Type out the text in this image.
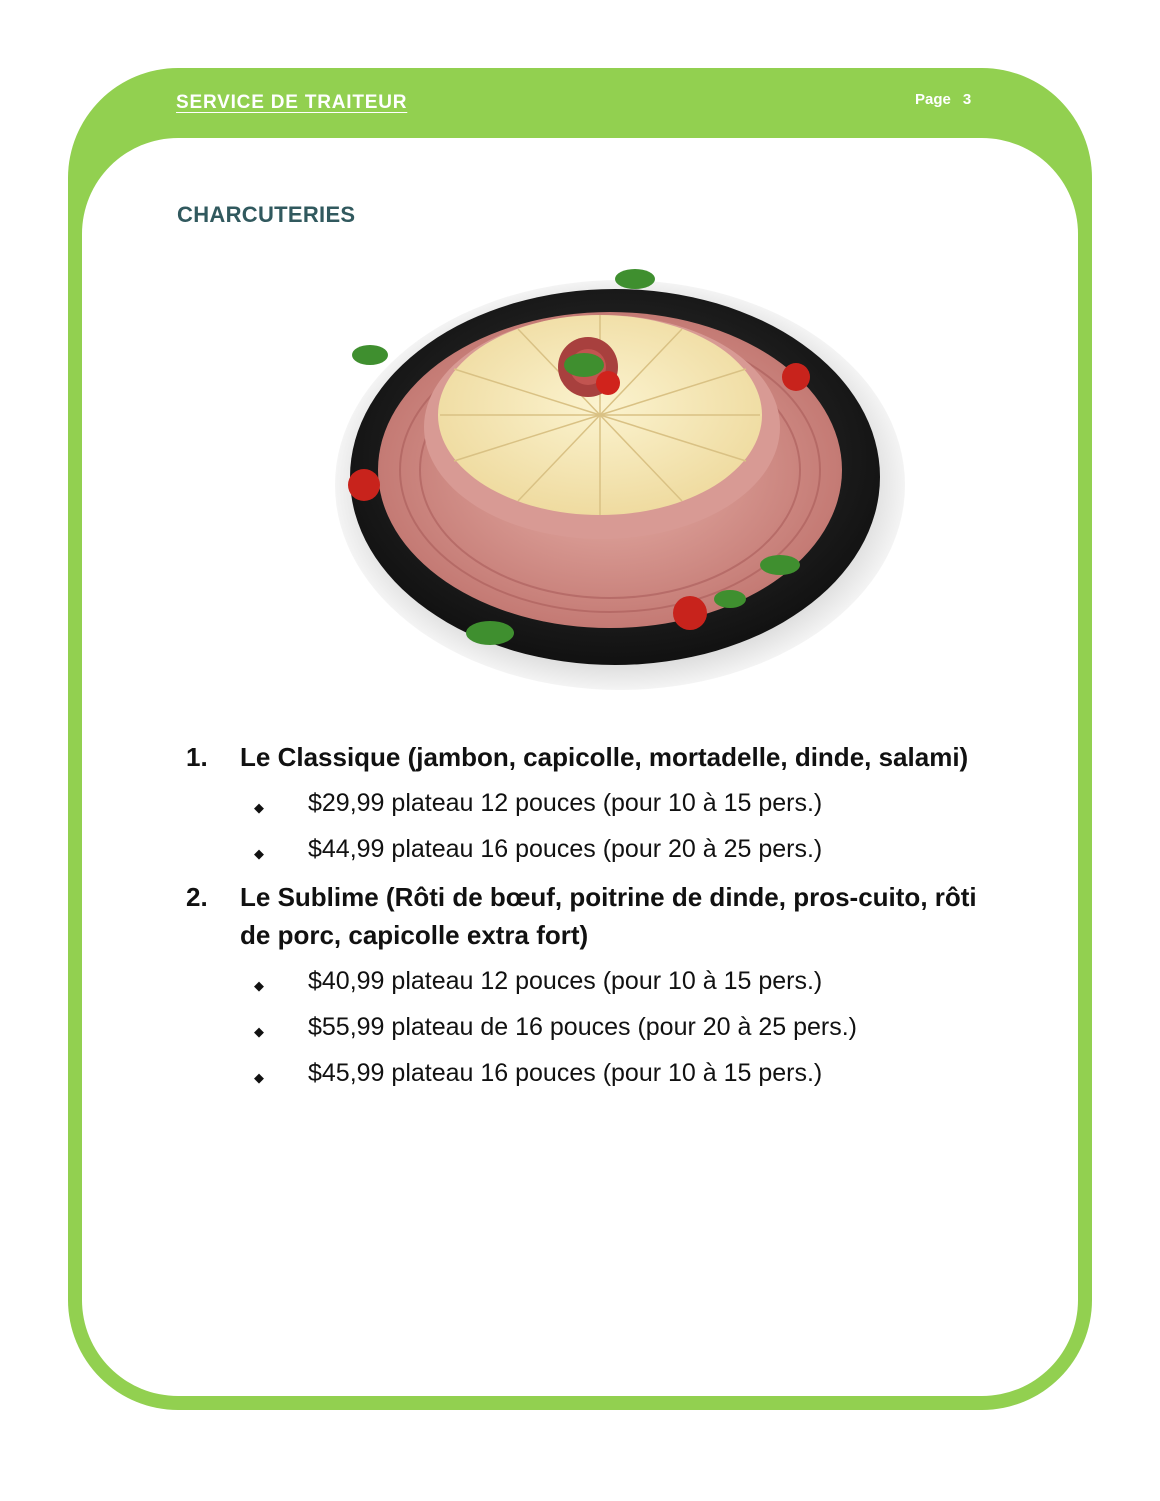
SERVICE DE TRAITEUR	Page 3
CHARCUTERIES
1. Le Classique (jambon, capicolle, mortadelle, dinde, salami)
◆ $29,99 plateau 12 pouces (pour 10 à 15 pers.)
◆ $44,99 plateau 16 pouces (pour 20 à 25 pers.)
2. Le Sublime (Rôti de bœuf, poitrine de dinde, pros-cuito, rôti de porc, capicolle extra fort)
◆ $40,99 plateau 12 pouces (pour 10 à 15 pers.)
◆ $55,99 plateau de 16 pouces (pour 20 à 25 pers.)
◆ $45,99 plateau 16 pouces (pour 10 à 15 pers.)
